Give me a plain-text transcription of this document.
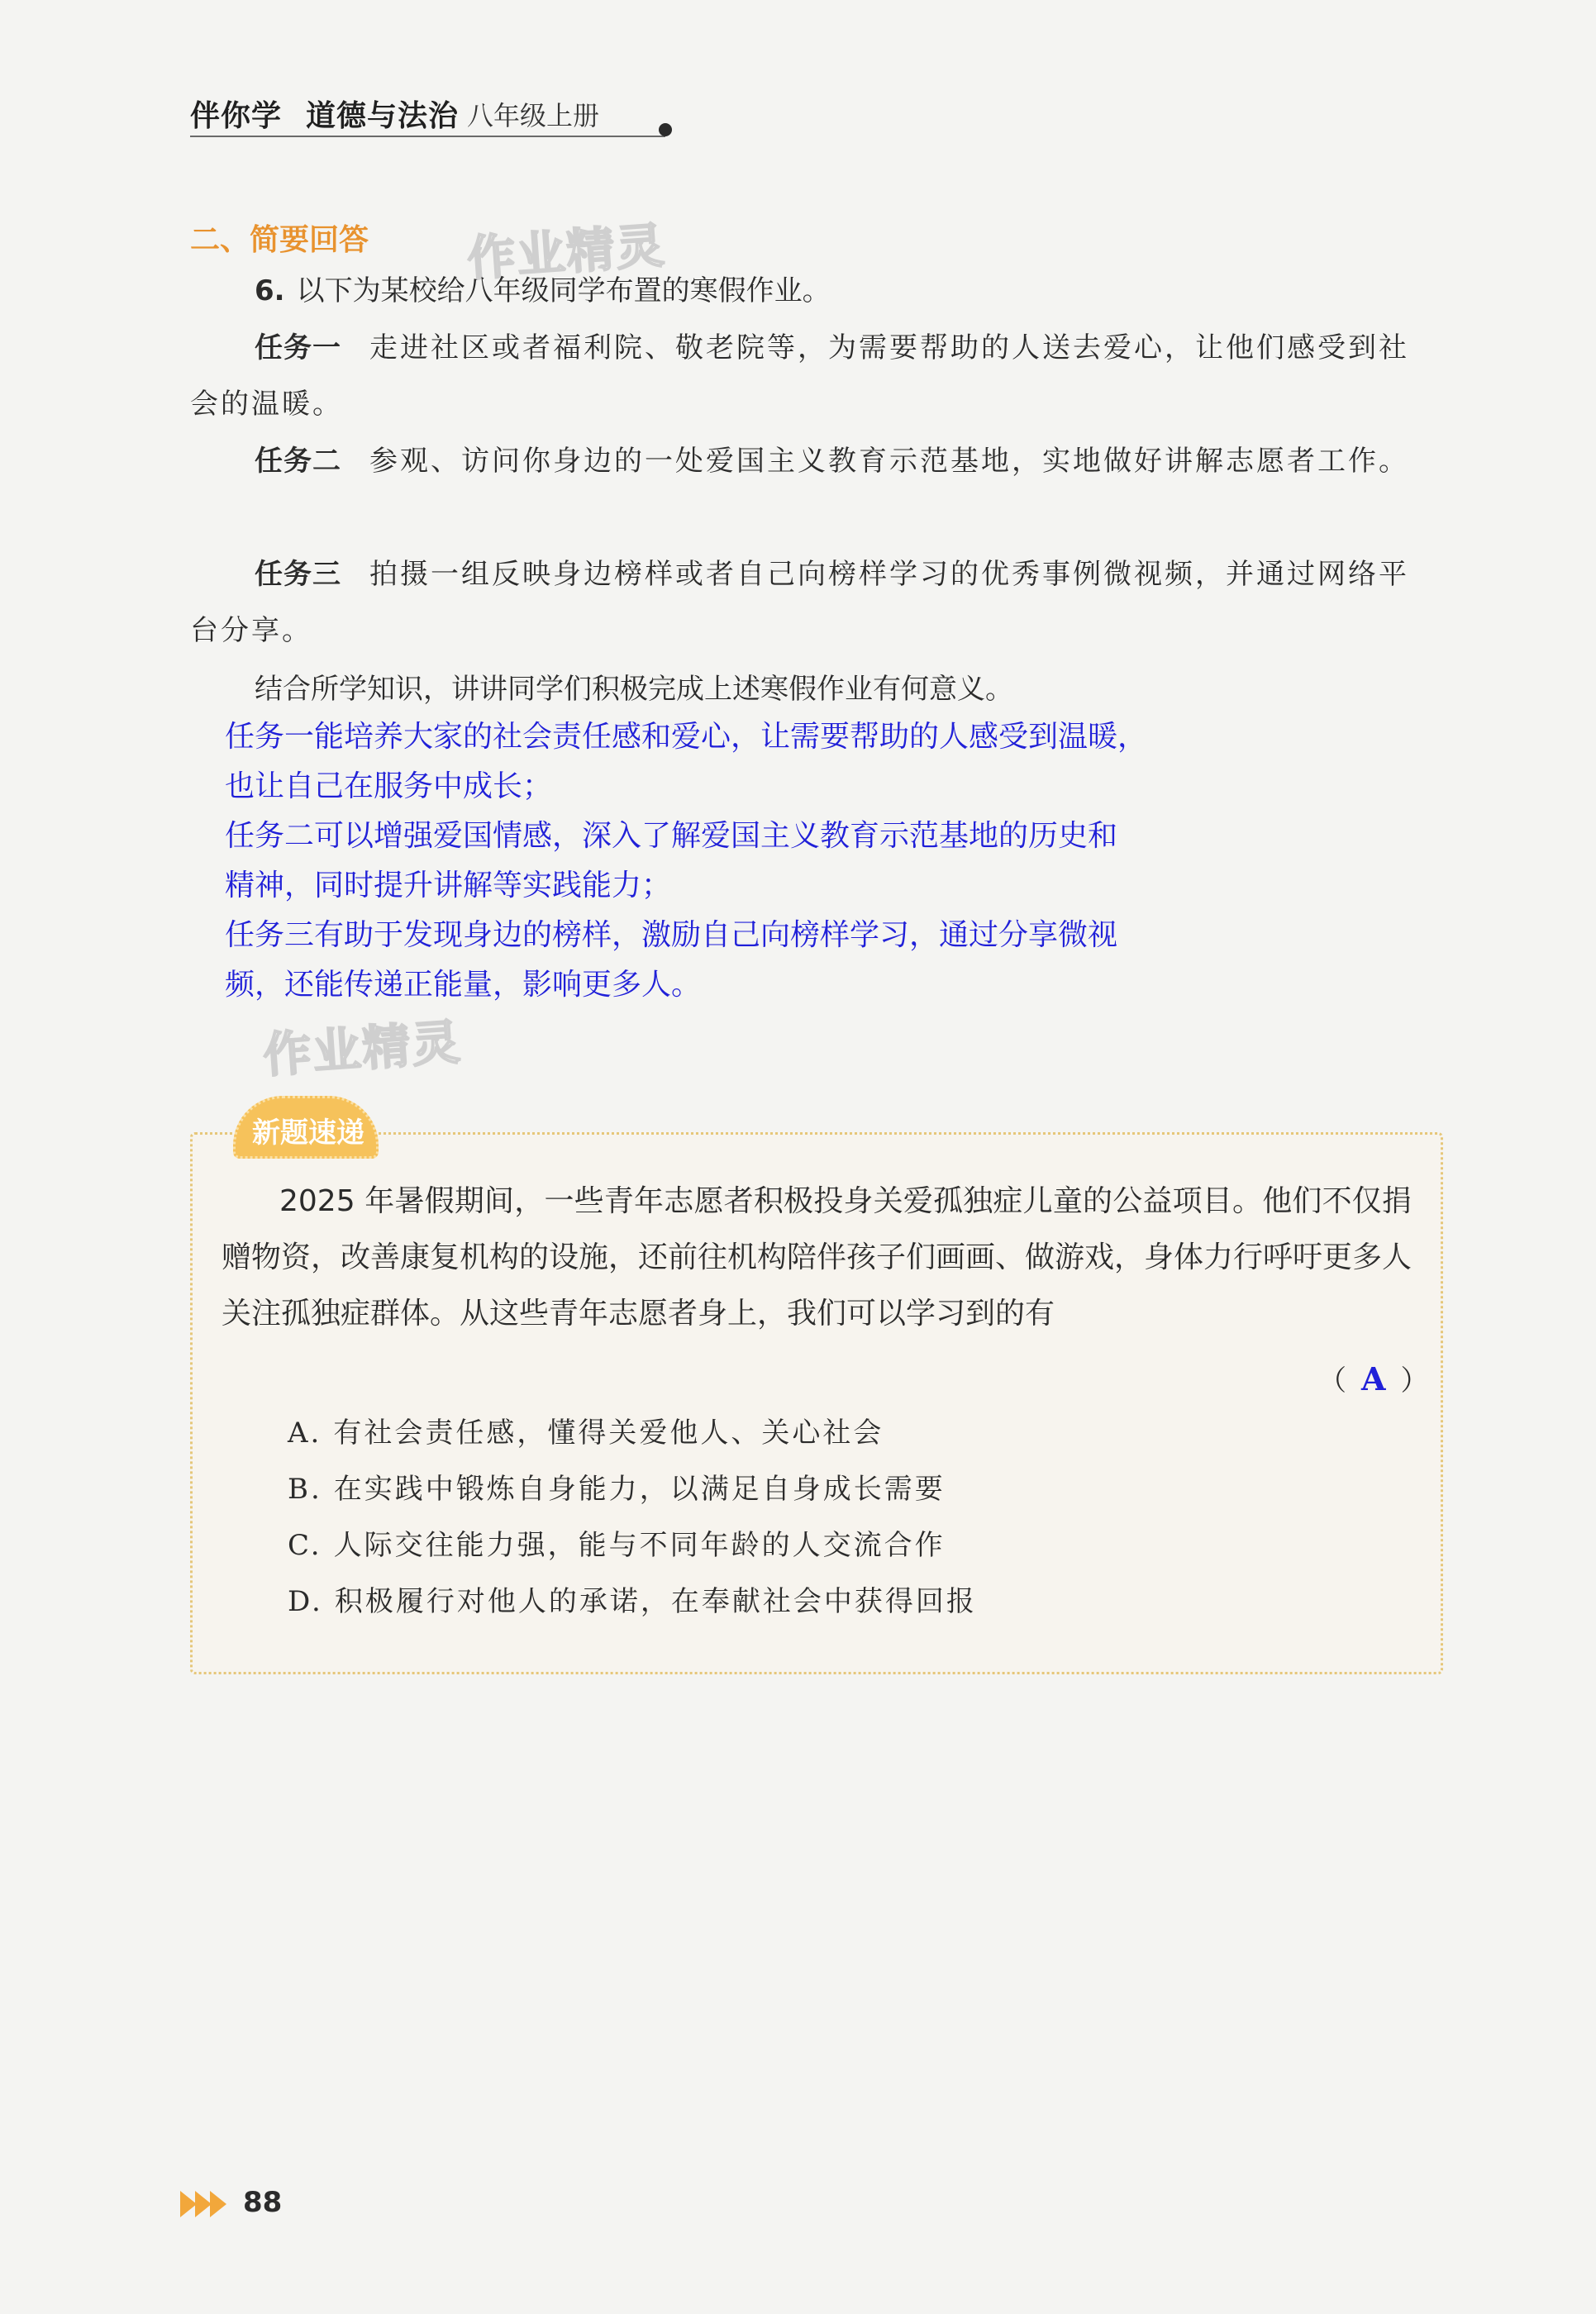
伴你学 道德与法治 八年级上册
作业精灵
作业精灵
二、简要回答
6. 以下为某校给八年级同学布置的寒假作业。
任务一 走进社区或者福利院、敬老院等，为需要帮助的人送去爱心，让他们感受到社会的温暖。
任务二 参观、访问你身边的一处爱国主义教育示范基地，实地做好讲解志愿者工作。
任务三 拍摄一组反映身边榜样或者自己向榜样学习的优秀事例微视频，并通过网络平台分享。
结合所学知识，讲讲同学们积极完成上述寒假作业有何意义。
任务一能培养大家的社会责任感和爱心，让需要帮助的人感受到温暖，
也让自己在服务中成长；
任务二可以增强爱国情感，深入了解爱国主义教育示范基地的历史和
精神，同时提升讲解等实践能力；
任务三有助于发现身边的榜样，激励自己向榜样学习，通过分享微视
频，还能传递正能量，影响更多人。
新题速递
2025 年暑假期间，一些青年志愿者积极投身关爱孤独症儿童的公益项目。他们不仅捐赠物资，改善康复机构的设施，还前往机构陪伴孩子们画画、做游戏，身体力行呼吁更多人关注孤独症群体。从这些青年志愿者身上，我们可以学习到的有
（ A ）
A. 有社会责任感，懂得关爱他人、关心社会
B. 在实践中锻炼自身能力，以满足自身成长需要
C. 人际交往能力强，能与不同年龄的人交流合作
D. 积极履行对他人的承诺，在奉献社会中获得回报
88
